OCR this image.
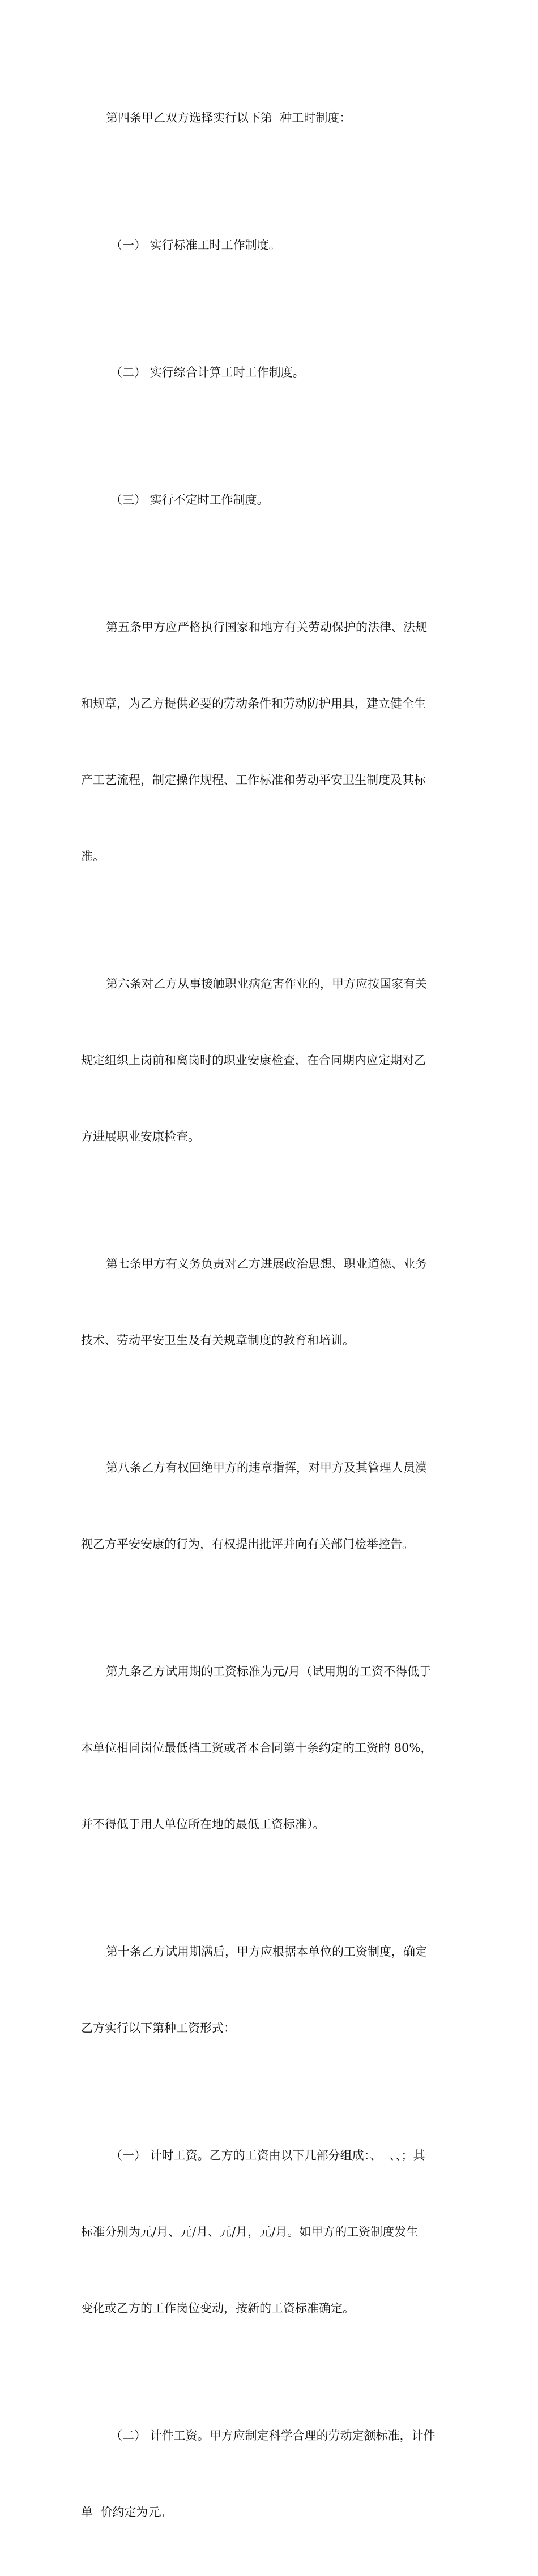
第四条甲乙双方选择实行以下第  种工时制度：

（一） 实行标准工时工作制度。

（二） 实行综合计算工时工作制度。

（三） 实行不定时工作制度。

第五条甲方应严格执行国家和地方有关劳动保护的法律、法规

和规章，为乙方提供必要的劳动条件和劳动防护用具，建立健全生

产工艺流程，制定操作规程、工作标准和劳动平安卫生制度及其标

准。

第六条对乙方从事接触职业病危害作业的，甲方应按国家有关

规定组织上岗前和离岗时的职业安康检查，在合同期内应定期对乙

方进展职业安康检查。

第七条甲方有义务负责对乙方进展政治思想、职业道德、业务

技术、劳动平安卫生及有关规章制度的教育和培训。

第八条乙方有权回绝甲方的违章指挥，对甲方及其管理人员漠

视乙方平安安康的行为，有权提出批评并向有关部门检举控告。

第九条乙方试用期的工资标准为元/月（试用期的工资不得低于

本单位相同岗位最低档工资或者本合同第十条约定的工资的 80%，

并不得低于用人单位所在地的最低工资标准）。

第十条乙方试用期满后，甲方应根据本单位的工资制度，确定

乙方实行以下第种工资形式：

（一） 计时工资。乙方的工资由以下几部分组成：、  、、；其

标准分别为元/月、元/月、元/月，元/月。如甲方的工资制度发生

变化或乙方的工作岗位变动，按新的工资标准确定。

（二） 计件工资。甲方应制定科学合理的劳动定额标准，计件

单  价约定为元。
